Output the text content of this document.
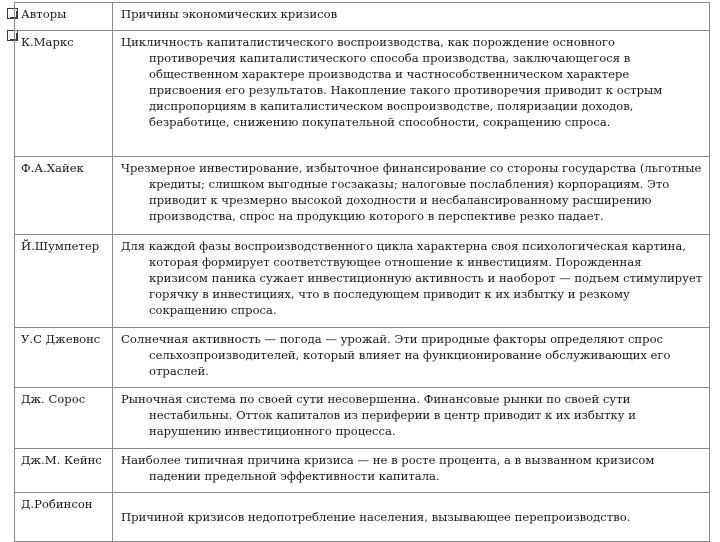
Авторы	Причины экономических кризисов
К.Маркс	Цикличность капиталистического воспроизводства, как порождение основного противоречия капиталистического способа производства, заключающегося в общественном характере производства и частнособственническом характере присвоения его результатов. Накопление такого противоречия приводит к острым диспропорциям в капиталистическом воспроизводстве, поляризации доходов, безработице, снижению покупательной способности, сокращению спроса.

Ф.А.Хайек	Чрезмерное инвестирование, избыточное финансирование со стороны государства (льготные кредиты; слишком выгодные госзаказы; налоговые послабления) корпорациям. Это приводит к чрезмерно высокой доходности и несбалансированному расширению производства, спрос на продукцию которого в перспективе резко падает.

Й.Шумпетер	Для каждой фазы воспроизводственного цикла характерна своя психологическая картина, которая формирует соответствующее отношение к инвестициям. Порожденная кризисом паника сужает инвестиционную активность и наоборот — подъем стимулирует горячку в инвестициях, что в последующем приводит к их избытку и резкому сокращению спроса.

У.С Джевонс	Солнечная активность — погода — урожай. Эти природные факторы определяют спрос сельхозпроизводителей, который влияет на функционирование обслуживающих его отраслей.

Дж. Сорос	Рыночная система по своей сути несовершенна. Финансовые рынки по своей сути нестабильны. Отток капиталов из периферии в центр приводит к их избытку и нарушению инвестиционного процесса.

Дж.М. Кейнс	Наиболее типичная причина кризиса — не в росте процента, а в вызванном кризисом падении предельной эффективности капитала.

Д.Робинсон	Причиной кризисов недопотребление населения, вызывающее перепроизводство.
